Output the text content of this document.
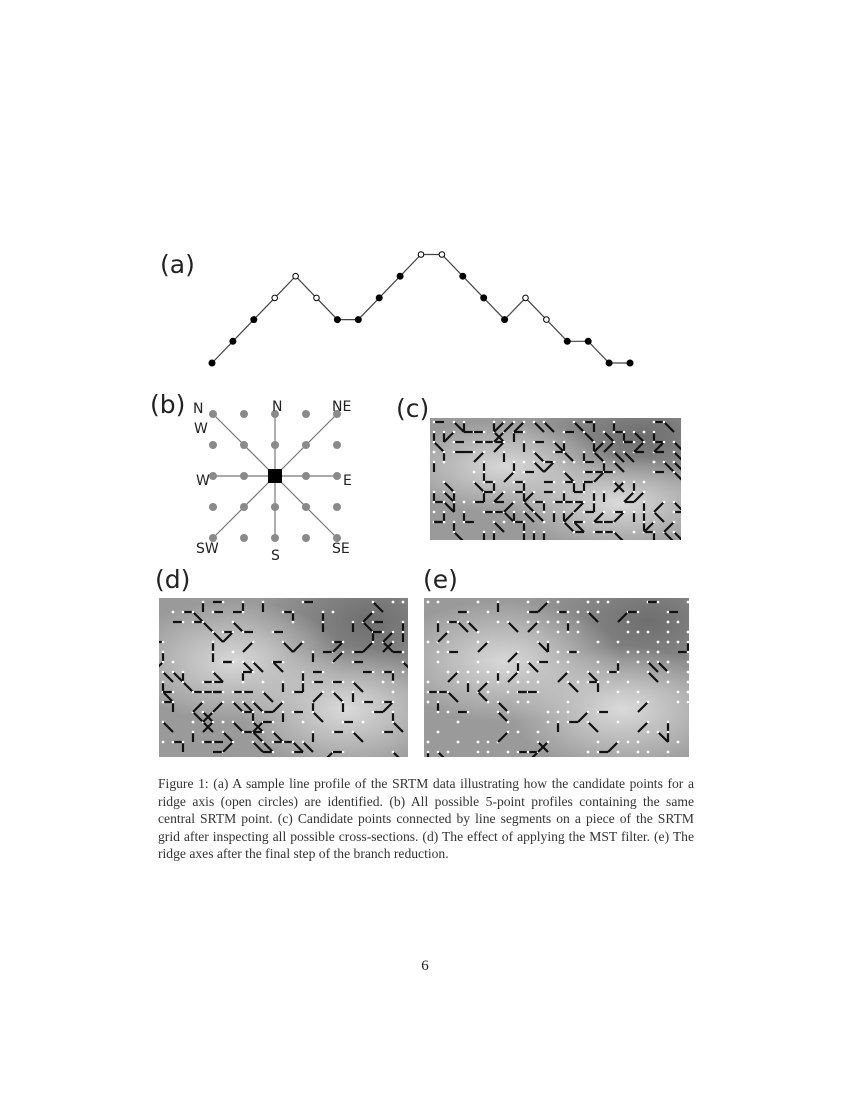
(a)
(b) N
W
N	NE
W	E
SW	S	SE
(c)
(d)	(e)
Figure 1: (a) A sample line profile of the SRTM data illustrating how the candidate points for a ridge axis (open circles) are identified. (b) All possible 5-point profiles containing the same central SRTM point. (c) Candidate points connected by line segments on a piece of the SRTM grid after inspecting all possible cross-sections. (d) The effect of applying the MST filter. (e) The ridge axes after the final step of the branch reduction.
6
